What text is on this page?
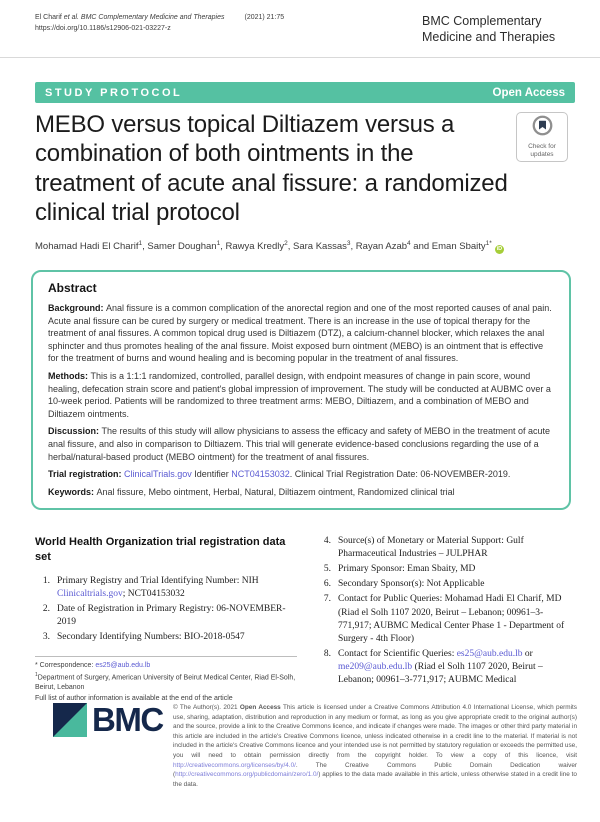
El Charif et al. BMC Complementary Medicine and Therapies	(2021) 21:75
https://doi.org/10.1186/s12906-021-03227-z
BMC Complementary Medicine and Therapies
STUDY PROTOCOL	Open Access
MEBO versus topical Diltiazem versus a combination of both ointments in the treatment of acute anal fissure: a randomized clinical trial protocol
Check for
updates
Mohamad Hadi El Charif$^1$, Samer Doughan$^1$, Rawya Kredly$^2$, Sara Kassas$^3$, Rayan Azab$^4$ and Eman Sbaity$^{1*}$iD
Abstract

Background: Anal fissure is a common complication of the anorectal region and one of the most reported causes of anal pain. Acute anal fissure can be cured by surgery or medical treatment. There is an increase in the use of topical therapy for the treatment of anal fissures. A common topical drug used is Diltiazem (DTZ), a calcium-channel blocker, which relaxes the anal sphincter and thus promotes healing of the anal fissure. Moist exposed burn ointment (MEBO) is an ointment that is effective for the treatment of burns and wound healing and is becoming popular in the treatment of anal fissures.

Methods: This is a 1:1:1 randomized, controlled, parallel design, with endpoint measures of change in pain score, wound healing, defecation strain score and patient's global impression of improvement. The study will be conducted at AUBMC over a 10-week period. Patients will be randomized to three treatment arms: MEBO, Diltiazem, and a combination of MEBO and Diltiazem ointments.

Discussion: The results of this study will allow physicians to assess the efficacy and safety of MEBO in the treatment of acute anal fissure, and also in comparison to Diltiazem. This trial will generate evidence-based conclusions regarding the use of a herbal/natural-based product (MEBO ointment) for the treatment of anal fissures.

Trial registration: ClinicalTrials.gov Identifier NCT04153032. Clinical Trial Registration Date: 06-NOVEMBER-2019.

Keywords: Anal fissure, Mebo ointment, Herbal, Natural, Diltiazem ointment, Randomized clinical trial

World Health Organization trial registration data set
1. Primary Registry and Trial Identifying Number: NIH Clinicaltrials.gov; NCT04153032
2. Date of Registration in Primary Registry: 06-NOVEMBER-2019
3. Secondary Identifying Numbers: BIO-2018-0547
4. Source(s) of Monetary or Material Support: Gulf Pharmaceutical Industries – JULPHAR
5. Primary Sponsor: Eman Sbaity, MD
6. Secondary Sponsor(s): Not Applicable
7. Contact for Public Queries: Mohamad Hadi El Charif, MD (Riad el Solh 1107 2020, Beirut – Lebanon; 00961–3-771,917; AUBMC Medical Center Phase 1 - Department of Surgery - 4th Floor)
8. Contact for Scientific Queries: es25@aub.edu.lb or me209@aub.edu.lb (Riad el Solh 1107 2020, Beirut – Lebanon; 00961–3-771,917; AUBMC Medical
* Correspondence: es25@aub.edu.lb
$^1$Department of Surgery, American University of Beirut Medical Center, Riad El-Solh, Beirut, Lebanon
Full list of author information is available at the end of the article
BMC © The Author(s). 2021 Open Access This article is licensed under a Creative Commons Attribution 4.0 International License, which permits use, sharing, adaptation, distribution and reproduction in any medium or format, as long as you give appropriate credit to the original author(s) and the source, provide a link to the Creative Commons licence, and indicate if changes were made. The images or other third party material in this article are included in the article's Creative Commons licence, unless indicated otherwise in a credit line to the material. If material is not included in the article's Creative Commons licence and your intended use is not permitted by statutory regulation or exceeds the permitted use, you will need to obtain permission directly from the copyright holder. To view a copy of this licence, visit http://creativecommons.org/licenses/by/4.0/. The Creative Commons Public Domain Dedication waiver (http://creativecommons.org/publicdomain/zero/1.0/) applies to the data made available in this article, unless otherwise stated in a credit line to the data.
